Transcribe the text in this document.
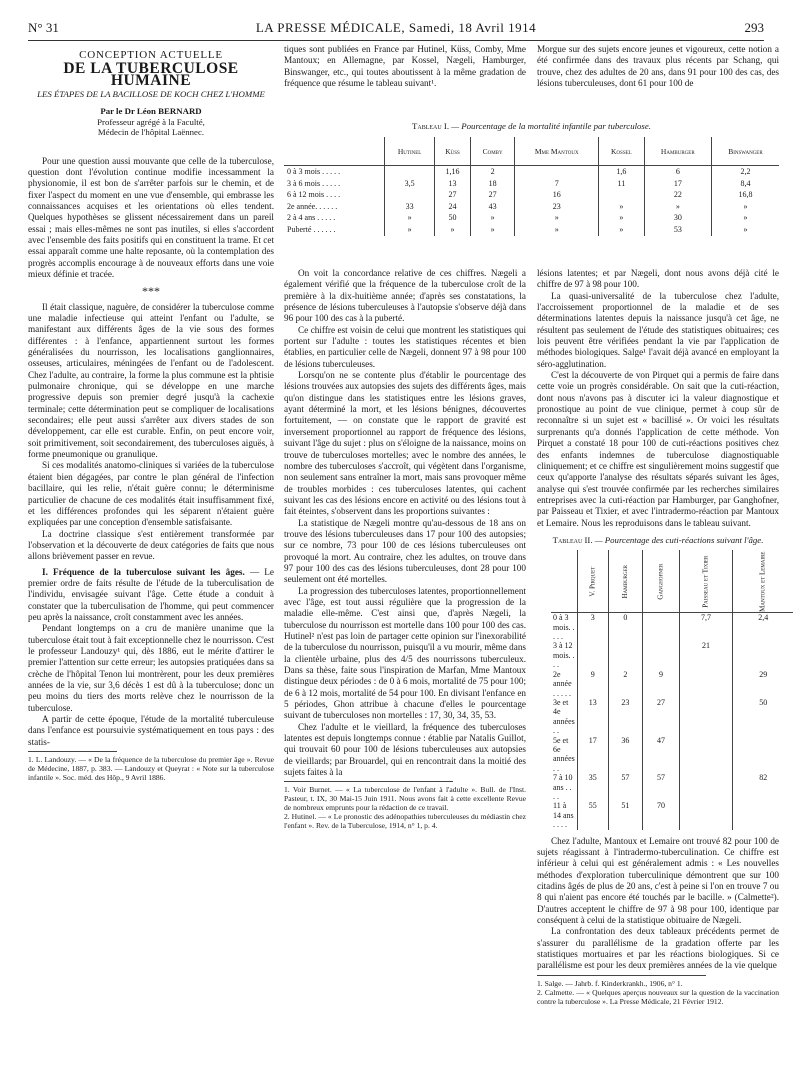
N° 31	LA PRESSE MÉDICALE, Samedi, 18 Avril 1914	293
CONCEPTION ACTUELLE
DE LA TUBERCULOSE HUMAINE
LES ÉTAPES DE LA BACILLOSE DE KOCH CHEZ L'HOMME
Par le Dr Léon BERNARD
Professeur agrégé à la Faculté,
Médecin de l'hôpital Laënnec.

Pour une question aussi mouvante que celle de la tuberculose, question dont l'évolution continue modifie incessamment la physionomie, il est bon de s'arrêter parfois sur le chemin, et de fixer l'aspect du moment en une vue d'ensemble, qui embrasse les connaissances acquises et les orientations où elles tendent. Quelques hypothèses se glissent nécessairement dans un pareil essai ; mais elles-mêmes ne sont pas inutiles, si elles s'accordent avec l'ensemble des faits positifs qui en constituent la trame. Et cet essai apparaît comme une halte reposante, où la contemplation des progrès accomplis encourage à de nouveaux efforts dans une voie mieux définie et tracée.

***

Il était classique, naguère, de considérer la tuberculose comme une maladie infectieuse qui atteint l'enfant ou l'adulte, se manifestant aux différents âges de la vie sous des formes différentes : à l'enfance, appartiennent surtout les formes généralisées du nourrisson, les localisations ganglionnaires, osseuses, articulaires, méningées de l'enfant ou de l'adolescent. Chez l'adulte, au contraire, la forme la plus commune est la phtisie pulmonaire chronique, qui se développe en une marche progressive depuis son premier degré jusqu'à la cachexie terminale; cette détermination peut se compliquer de localisations secondaires; elle peut aussi s'arrêter aux divers stades de son développement, car elle est curable. Enfin, on peut encore voir, soit primitivement, soit secondairement, des tuberculoses aiguës, à forme pneumonique ou granulique.

Si ces modalités anatomo-cliniques si variées de la tuberculose étaient bien dégagées, par contre le plan général de l'infection bacillaire, qui les relie, n'était guère connu; le déterminisme particulier de chacune de ces modalités était insuffisamment fixé, et les différences profondes qui les séparent n'étaient guère expliquées par une conception d'ensemble satisfaisante.

La doctrine classique s'est entièrement transformée par l'observation et la découverte de deux catégories de faits que nous allons brièvement passer en revue.

I. Fréquence de la tuberculose suivant les âges. — Le premier ordre de faits résulte de l'étude de la tuberculisation de l'individu, envisagée suivant l'âge. Cette étude a conduit à constater que la tuberculisation de l'homme, qui peut commencer peu après la naissance, croît constamment avec les années.

Pendant longtemps on a cru de manière unanime que la tuberculose était tout à fait exceptionnelle chez le nourrisson. C'est le professeur Landouzy¹ qui, dès 1886, eut le mérite d'attirer le premier l'attention sur cette erreur; les autopsies pratiquées dans sa crèche de l'hôpital Tenon lui montrèrent, pour les deux premières années de la vie, sur 3,6 décès 1 est dû à la tuberculose; donc un peu moins du tiers des morts relève chez le nourrisson de la tuberculose.

A partir de cette époque, l'étude de la mortalité tuberculeuse dans l'enfance est poursuivie systématiquement en tous pays : des statis-

1. L. Landouzy. — « De la fréquence de la tuberculose du premier âge ». Revue de Médecine, 1887, p. 383. — Landouzy et Queyrat : « Note sur la tuberculose infantile ». Soc. méd. des Hôp., 9 Avril 1886.

tiques sont publiées en France par Hutinel, Küss, Comby, Mme Mantoux; en Allemagne, par Kossel, Nægeli, Hamburger, Binswanger, etc., qui toutes aboutissent à la même gradation de fréquence que résume le tableau suivant¹.

Morgue sur des sujets encore jeunes et vigoureux, cette notion a été confirmée dans des travaux plus récents par Schang, qui trouve, chez des adultes de 20 ans, dans 91 pour 100 des cas, des lésions tuberculeuses, dont 61 pour 100 de

Tableau I. — Pourcentage de la mortalité infantile par tuberculose.
	Hutinel	Küss	Comby	Mme Mantoux	Kossel	Hamburger	Binswanger
0 à 3 mois . . . . .		1,16	2		1,6	6	2,2
3 à 6 mois . . . . .	3,5	13	18	7	11	17	8,4
6 à 12 mois . . . .		27	27	16		22	16,8
2e année. . . . . .	33	24	43	23	»	»	»
2 à 4 ans . . . . .	»	50	»	»	»	30	»
Puberté . . . . . .	»	»	»	»	»	53	»

On voit la concordance relative de ces chiffres. Nægeli a également vérifié que la fréquence de la tuberculose croît de la première à la dix-huitième année; d'après ses constatations, la présence de lésions tuberculeuses à l'autopsie s'observe déjà dans 96 pour 100 des cas à la puberté.

Ce chiffre est voisin de celui que montrent les statistiques qui portent sur l'adulte : toutes les statistiques récentes et bien établies, en particulier celle de Nægeli, donnent 97 à 98 pour 100 de lésions tuberculeuses.

Lorsqu'on ne se contente plus d'établir le pourcentage des lésions trouvées aux autopsies des sujets des différents âges, mais qu'on distingue dans les statistiques entre les lésions graves, ayant déterminé la mort, et les lésions bénignes, découvertes fortuitement, — on constate que le rapport de gravité est inversement proportionnel au rapport de fréquence des lésions, suivant l'âge du sujet : plus on s'éloigne de la naissance, moins on trouve de tuberculoses mortelles; avec le nombre des années, le nombre des tuberculoses s'accroît, qui végètent dans l'organisme, non seulement sans entraîner la mort, mais sans provoquer même de troubles morbides : ces tuberculoses latentes, qui cachent suivant les cas des lésions encore en activité ou des lésions tout à fait éteintes, s'observent dans les proportions suivantes :

La statistique de Nægeli montre qu'au-dessous de 18 ans on trouve des lésions tuberculeuses dans 17 pour 100 des autopsies; sur ce nombre, 73 pour 100 de ces lésions tuberculeuses ont provoqué la mort. Au contraire, chez les adultes, on trouve dans 97 pour 100 des cas des lésions tuberculeuses, dont 28 pour 100 seulement ont été mortelles.

La progression des tuberculoses latentes, proportionnellement avec l'âge, est tout aussi régulière que la progression de la maladie elle-même. C'est ainsi que, d'après Nægeli, la tuberculose du nourrisson est mortelle dans 100 pour 100 des cas. Hutinel² n'est pas loin de partager cette opinion sur l'inexorabilité de la tuberculose du nourrisson, puisqu'il a vu mourir, même dans la clientèle urbaine, plus des 4/5 des nourrissons tuberculeux. Dans sa thèse, faite sous l'inspiration de Marfan, Mme Mantoux distingue deux périodes : de 0 à 6 mois, mortalité de 75 pour 100; de 6 à 12 mois, mortalité de 54 pour 100. En divisant l'enfance en 5 périodes, Ghon attribue à chacune d'elles le pourcentage suivant de tuberculoses non mortelles : 17, 30, 34, 35, 53.

Chez l'adulte et le vieillard, la fréquence des tuberculoses latentes est depuis longtemps connue : établie par Natalis Guillot, qui trouvait 60 pour 100 de lésions tuberculeuses aux autopsies de vieillards; par Brouardel, qui en rencontrait dans la moitié des sujets faites à la

1. Voir Burnet. — « La tuberculose de l'enfant à l'adulte ». Bull. de l'Inst. Pasteur, t. IX, 30 Mai-15 Juin 1911. Nous avons fait à cette excellente Revue de nombreux emprunts pour la rédaction de ce travail.

2. Hutinel. — « Le pronostic des adénopathies tuberculeuses du médiastin chez l'enfant ». Rev. de la Tuberculose, 1914, n° 1, p. 4.

lésions latentes; et par Nægeli, dont nous avons déjà cité le chiffre de 97 à 98 pour 100.

La quasi-universalité de la tuberculose chez l'adulte, l'accroissement proportionnel de la maladie et de ses déterminations latentes depuis la naissance jusqu'à cet âge, ne résultent pas seulement de l'étude des statistiques obituaires; ces lois peuvent être vérifiées pendant la vie par l'application de méthodes biologiques. Salge¹ l'avait déjà avancé en employant la séro-agglutination.

C'est la découverte de von Pirquet qui a permis de faire dans cette voie un progrès considérable. On sait que la cuti-réaction, dont nous n'avons pas à discuter ici la valeur diagnostique et pronostique au point de vue clinique, permet à coup sûr de reconnaître si un sujet est « bacillisé ». Or voici les résultats surprenants qu'a donnés l'application de cette méthode. Von Pirquet a constaté 18 pour 100 de cuti-réactions positives chez des enfants indemnes de tuberculose diagnostiquable cliniquement; et ce chiffre est singulièrement moins suggestif que ceux qu'apporte l'analyse des résultats séparés suivant les âges, analyse qui s'est trouvée confirmée par les recherches similaires entreprises avec la cuti-réaction par Hamburger, par Ganghofner, par Paisseau et Tixier, et avec l'intradermo-réaction par Mantoux et Lemaire. Nous les reproduisons dans le tableau suivant.

Tableau II. — Pourcentage des cuti-réactions suivant l'âge.
	V. Pirquet	Hamburger	Ganghofner	Paisseau et Tixier	Mantoux et Lemaire
0 à 3 mois. . . . .	3	0		7,7	2,4
3 à 12 mois. . . .				21	
2e année . . . . .	9	2	9		29
3e et 4e années . .	13	23	27		50
5e et 6e années . .	17	36	47		
7 à 10 ans . . . .	35	57	57		82
11 à 14 ans . . . .	55	51	70		

Chez l'adulte, Mantoux et Lemaire ont trouvé 82 pour 100 de sujets réagissant à l'intradermo-tuberculination. Ce chiffre est inférieur à celui qui est généralement admis : « Les nouvelles méthodes d'exploration tuberculinique démontrent que sur 100 citadins âgés de plus de 20 ans, c'est à peine si l'on en trouve 7 ou 8 qui n'aient pas encore été touchés par le bacille. » (Calmette²). D'autres acceptent le chiffre de 97 à 98 pour 100, identique par conséquent à celui de la statistique obituaire de Nægeli.

La confrontation des deux tableaux précédents permet de s'assurer du parallélisme de la gradation offerte par les statistiques mortuaires et par les réactions biologiques. Si ce parallélisme est pour les deux premières années de la vie quelque

1. Salge. — Jahrb. f. Kinderkrankh., 1906, n° 1.

2. Calmette. — « Quelques aperçus nouveaux sur la question de la vaccination contre la tuberculose ». La Presse Médicale, 21 Février 1912.
